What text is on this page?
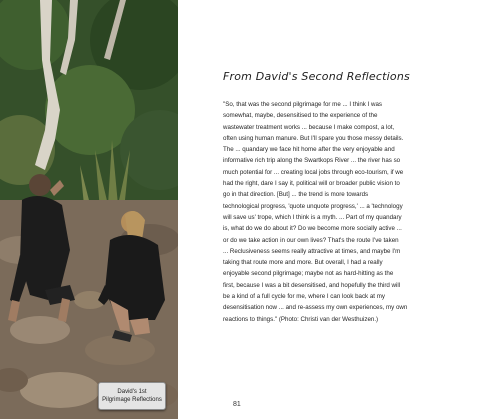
David's 1st
Pilgrimage Reflections
From David's Second Reflections
"So, that was the second pilgrimage for me ... I think I was
somewhat, maybe, desensitised to the experience of the
wastewater treatment works ... because I make compost, a lot,
often using human manure. But I'll spare you those messy details.
The ... quandary we face hit home after the very enjoyable and
informative rich trip along the Swartkops River ... the river has so
much potential for ... creating local jobs through eco-tourism, if we
had the right, dare I say it, political will or broader public vision to
go in that direction. [But] ... the trend is more towards
technological progress, 'quote unquote progress,' ... a 'technology
will save us' trope, which I think is a myth. ... Part of my quandary
is, what do we do about it? Do we become more socially active ...
or do we take action in our own lives? That's the route I've taken
... Reclusiveness seems really attractive at times, and maybe I'm
taking that route more and more. But overall, I had a really
enjoyable second pilgrimage; maybe not as hard-hitting as the
first, because I was a bit desensitised, and hopefully the third will
be a kind of a full cycle for me, where I can look back at my
desensitisation now ... and re-assess my own experiences, my own
reactions to things." (Photo: Christi van der Westhuizen.)
81
